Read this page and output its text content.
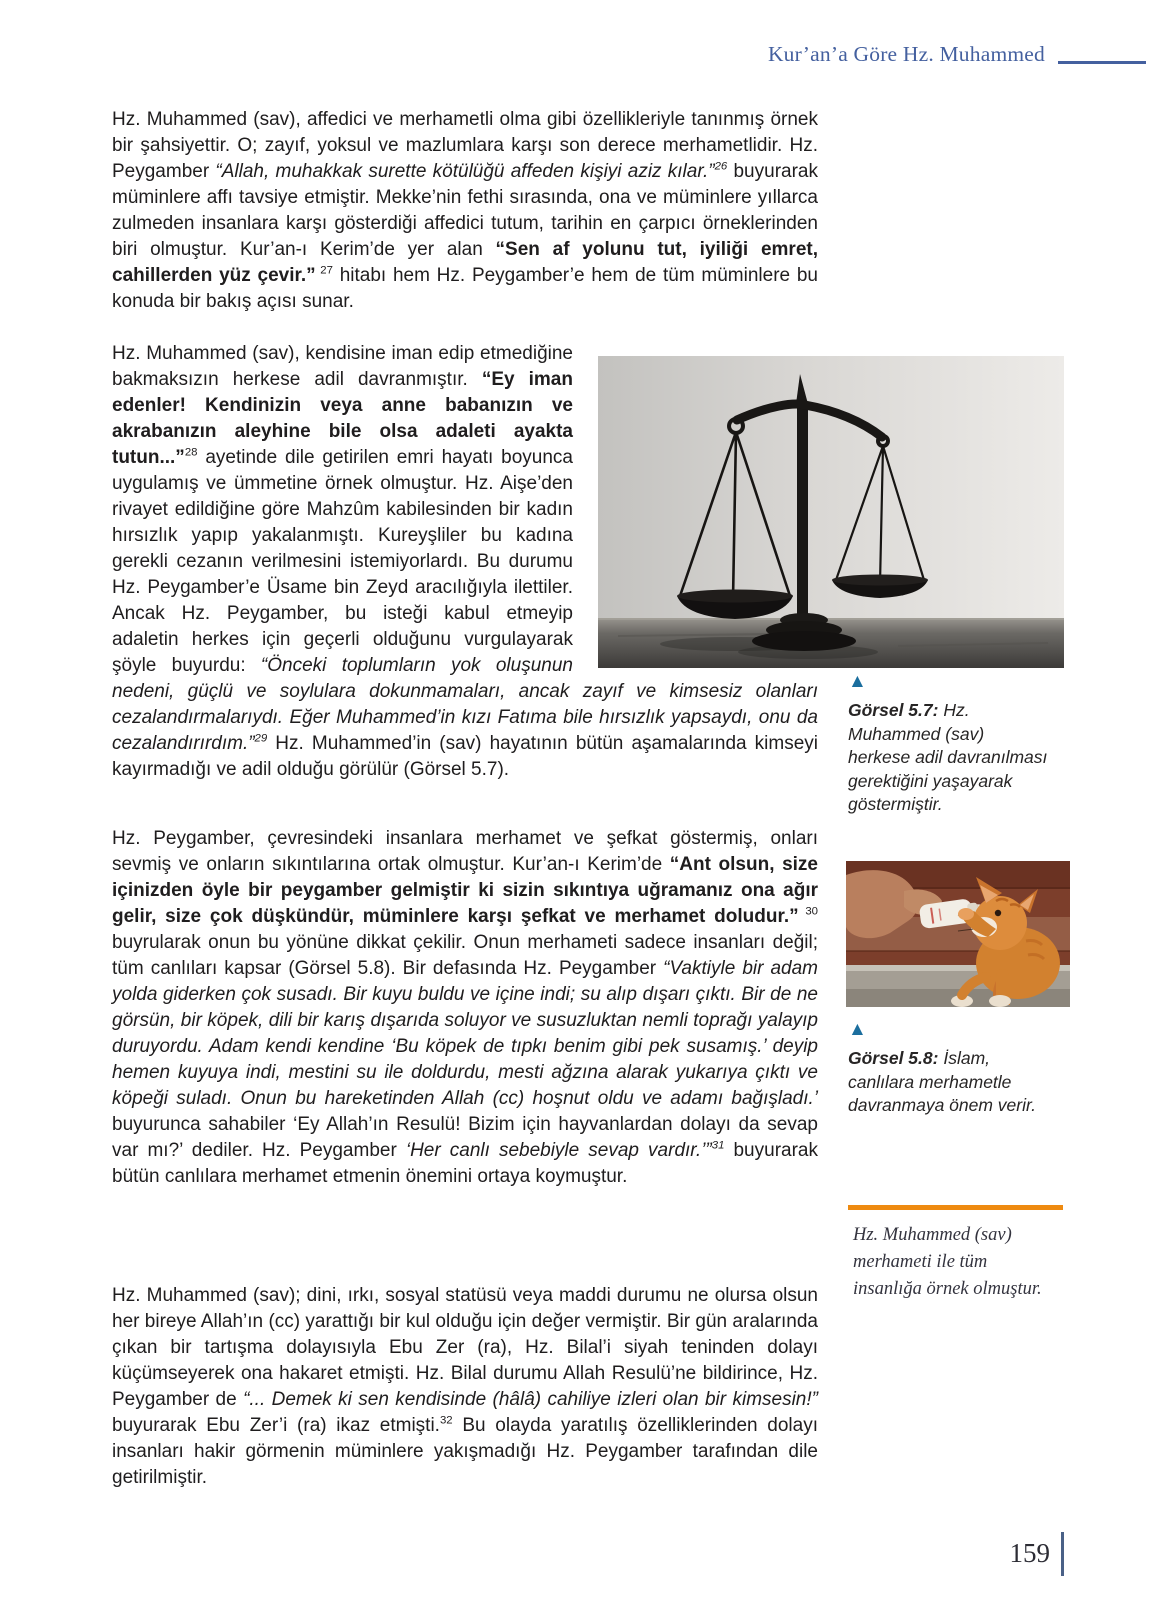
Kur’an’a Göre Hz. Muhammed
Hz. Muhammed (sav), affedici ve merhametli olma gibi özellikleriyle tanınmış örnek bir şahsiyettir. O; zayıf, yoksul ve mazlumlara karşı son derece merhametlidir. Hz. Peygamber “Allah, muhakkak surette kötülüğü affeden kişiyi aziz kılar.”$^{26}$ buyurarak müminlere affı tavsiye etmiştir. Mekke’nin fethi sırasında, ona ve müminlere yıllarca zulmeden insanlara karşı gösterdiği affedici tutum, tarihin en çarpıcı örneklerinden biri olmuştur. Kur’an-ı Kerim’de yer alan “Sen af yolunu tut, iyiliği emret, cahillerden yüz çevir.” $^{27}$ hitabı hem Hz. Peygamber’e hem de tüm müminlere bu konuda bir bakış açısı sunar.
Hz. Muhammed (sav), kendisine iman edip etmediğine bakmaksızın herkese adil davranmıştır. “Ey iman edenler! Kendinizin veya anne babanızın ve akrabanızın aleyhine bile olsa adaleti ayakta tutun...”$^{28}$ ayetinde dile getirilen emri hayatı boyunca uygulamış ve ümmetine örnek olmuştur. Hz. Aişe’den rivayet edildiğine göre Mahzûm kabilesinden bir kadın hırsızlık yapıp yakalanmıştı. Kureyşliler bu kadına gerekli cezanın verilmesini istemiyorlardı. Bu durumu Hz. Peygamber’e Üsame bin Zeyd aracılığıyla ilettiler. Ancak Hz. Peygamber, bu isteği kabul etmeyip adaletin herkes için geçerli olduğunu vurgulayarak şöyle buyurdu: “Önceki toplumların yok oluşunun nedeni, güçlü ve soylulara dokunmamaları, ancak zayıf ve kimsesiz olanları cezalandırmalarıydı. Eğer Muhammed’in kızı Fatıma bile hırsızlık yapsaydı, onu da cezalandırırdım.”$^{29}$ Hz. Muhammed’in (sav) hayatının bütün aşamalarında kimseyi kayırmadığı ve adil olduğu görülür (Görsel 5.7).
▲
Görsel 5.7: Hz. Muhammed (sav) herkese adil davranılması gerektiğini yaşayarak göstermiştir.
Hz. Peygamber, çevresindeki insanlara merhamet ve şefkat göstermiş, onları sevmiş ve onların sıkıntılarına ortak olmuştur. Kur’an-ı Kerim’de “Ant olsun, size içinizden öyle bir peygamber gelmiştir ki sizin sıkıntıya uğramanız ona ağır gelir, size çok düşkündür, müminlere karşı şefkat ve merhamet doludur.” $^{30}$ buyrularak onun bu yönüne dikkat çekilir. Onun merhameti sadece insanları değil; tüm canlıları kapsar (Görsel 5.8). Bir defasında Hz. Peygamber “Vaktiyle bir adam yolda giderken çok susadı. Bir kuyu buldu ve içine indi; su alıp dışarı çıktı. Bir de ne görsün, bir köpek, dili bir karış dışarıda soluyor ve susuzluktan nemli toprağı yalayıp duruyordu. Adam kendi kendine ‘Bu köpek de tıpkı benim gibi pek susamış.’ deyip hemen kuyuya indi, mestini su ile doldurdu, mesti ağzına alarak yukarıya çıktı ve köpeği suladı. Onun bu hareketinden Allah (cc) hoşnut oldu ve adamı bağışladı.’ buyurunca sahabiler ‘Ey Allah’ın Resulü! Bizim için hayvanlardan dolayı da sevap var mı?’ dediler. Hz. Peygamber ‘Her canlı sebebiyle sevap vardır.’”$^{31}$ buyurarak bütün canlılara merhamet etmenin önemini ortaya koymuştur.
▲
Görsel 5.8: İslam, canlılara merhametle davranmaya önem verir.
Hz. Muhammed (sav) merhameti ile tüm insanlığa örnek olmuştur.
Hz. Muhammed (sav); dini, ırkı, sosyal statüsü veya maddi durumu ne olursa olsun her bireye Allah’ın (cc) yarattığı bir kul olduğu için değer vermiştir. Bir gün aralarında çıkan bir tartışma dolayısıyla Ebu Zer (ra), Hz. Bilal’i siyah teninden dolayı küçümseyerek ona hakaret etmişti. Hz. Bilal durumu Allah Resulü’ne bildirince, Hz. Peygamber de “... Demek ki sen kendisinde (hâlâ) cahiliye izleri olan bir kimsesin!” buyurarak Ebu Zer’i (ra) ikaz etmişti.$^{32}$ Bu olayda yaratılış özelliklerinden dolayı insanları hakir görmenin müminlere yakışmadığı Hz. Peygamber tarafından dile getirilmiştir.
159
